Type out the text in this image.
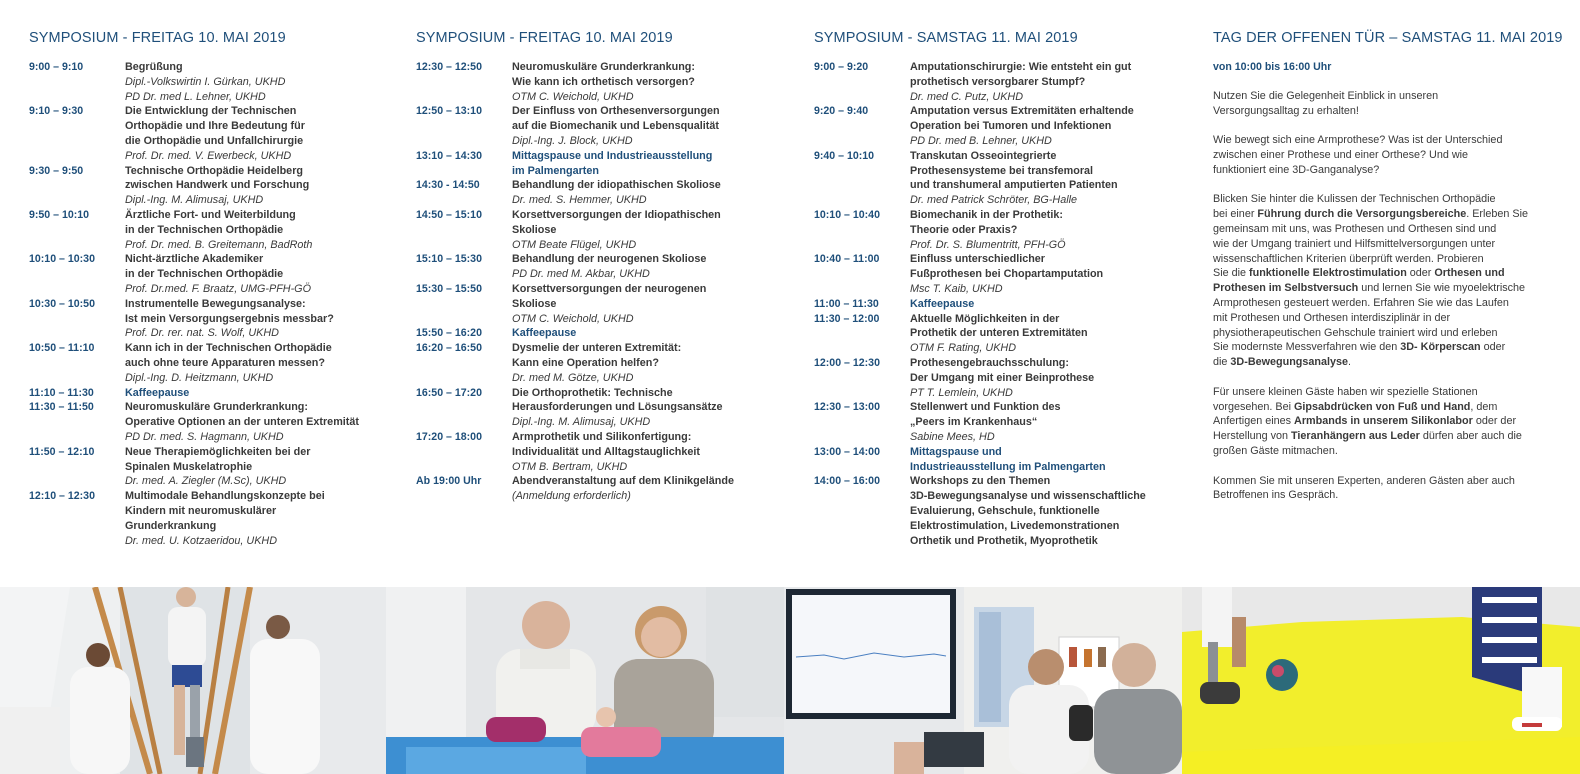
SYMPOSIUM - FREITAG 10. MAI 2019
9:00 – 9:10	Begrüßung
Dipl.-Volkswirtin I. Gürkan, UKHD
PD Dr. med L. Lehner, UKHD
9:10 – 9:30	Die Entwicklung der Technischen
Orthopädie und Ihre Bedeutung für
die Orthopädie und Unfallchirurgie
Prof. Dr. med. V. Ewerbeck, UKHD
9:30 – 9:50	Technische Orthopädie Heidelberg
zwischen Handwerk und Forschung
Dipl.-Ing. M. Alimusaj, UKHD
9:50 – 10:10	Ärztliche Fort- und Weiterbildung
in der Technischen Orthopädie
Prof. Dr. med. B. Greitemann, BadRoth
10:10 – 10:30	Nicht-ärztliche Akademiker
in der Technischen Orthopädie
Prof. Dr.med. F. Braatz, UMG-PFH-GÖ
10:30 – 10:50	Instrumentelle Bewegungsanalyse:
Ist mein Versorgungsergebnis messbar?
Prof. Dr. rer. nat. S. Wolf, UKHD
10:50 – 11:10	Kann ich in der Technischen Orthopädie
auch ohne teure Apparaturen messen?
Dipl.-Ing. D. Heitzmann, UKHD
11:10 – 11:30	Kaffeepause
11:30 – 11:50	Neuromuskuläre Grunderkrankung:
Operative Optionen an der unteren Extremität
PD Dr. med. S. Hagmann, UKHD
11:50 – 12:10	Neue Therapiemöglichkeiten bei der
Spinalen Muskelatrophie
Dr. med. A. Ziegler (M.Sc), UKHD
12:10 – 12:30	Multimodale Behandlungskonzepte bei
Kindern mit neuromuskulärer
Grunderkrankung
Dr. med. U. Kotzaeridou, UKHD
SYMPOSIUM - FREITAG 10. MAI 2019
12:30 – 12:50	Neuromuskuläre Grunderkrankung:
Wie kann ich orthetisch versorgen?
OTM C. Weichold, UKHD
12:50 – 13:10	Der Einfluss von Orthesenversorgungen
auf die Biomechanik und Lebensqualität
Dipl.-Ing. J. Block, UKHD
13:10 – 14:30	Mittagspause und Industrieausstellung
im Palmengarten
14:30 - 14:50	Behandlung der idiopathischen Skoliose
Dr. med. S. Hemmer, UKHD
14:50 – 15:10	Korsettversorgungen der Idiopathischen
Skoliose
OTM Beate Flügel, UKHD
15:10 – 15:30	Behandlung der neurogenen Skoliose
PD Dr. med M. Akbar, UKHD
15:30 – 15:50	Korsettversorgungen der neurogenen
Skoliose
OTM C. Weichold, UKHD
15:50 – 16:20	Kaffeepause
16:20 – 16:50	Dysmelie der unteren Extremität:
Kann eine Operation helfen?
Dr. med M. Götze, UKHD
16:50 – 17:20	Die Orthoprothetik: Technische
Herausforderungen und Lösungsansätze
Dipl.-Ing. M. Alimusaj, UKHD
17:20 – 18:00	Armprothetik und Silikonfertigung:
Individualität und Alltagstauglichkeit
OTM B. Bertram, UKHD
Ab 19:00 Uhr	Abendveranstaltung auf dem Klinikgelände
(Anmeldung erforderlich)
SYMPOSIUM - SAMSTAG 11. MAI 2019
9:00 – 9:20	Amputationschirurgie: Wie entsteht ein gut
prothetisch versorgbarer Stumpf?
Dr. med C. Putz, UKHD
9:20 – 9:40	Amputation versus Extremitäten erhaltende
Operation bei Tumoren und Infektionen
PD Dr. med B. Lehner, UKHD
9:40 – 10:10	Transkutan Osseointegrierte
Prothesensysteme bei transfemoral
und transhumeral amputierten Patienten
Dr. med Patrick Schröter, BG-Halle
10:10 – 10:40	Biomechanik in der Prothetik:
Theorie oder Praxis?
Prof. Dr. S. Blumentritt, PFH-GÖ
10:40 – 11:00	Einfluss unterschiedlicher
Fußprothesen bei Chopartamputation
Msc T. Kaib, UKHD
11:00 – 11:30	Kaffeepause
11:30 – 12:00	Aktuelle Möglichkeiten in der
Prothetik der unteren Extremitäten
OTM F. Rating, UKHD
12:00 – 12:30	Prothesengebrauchsschulung:
Der Umgang mit einer Beinprothese
PT T. Lemlein, UKHD
12:30 – 13:00	Stellenwert und Funktion des
„Peers im Krankenhaus“
Sabine Mees, HD
13:00 – 14:00	Mittagspause und
Industrieausstellung im Palmengarten
14:00 – 16:00	Workshops zu den Themen
3D-Bewegungsanalyse und wissenschaftliche
Evaluierung, Gehschule, funktionelle
Elektrostimulation, Livedemonstrationen
Orthetik und Prothetik, Myoprothetik
TAG DER OFFENEN TÜR – SAMSTAG 11. MAI 2019
von 10:00 bis 16:00 Uhr
Nutzen Sie die Gelegenheit Einblick in unseren
Versorgungsalltag zu erhalten!
Wie bewegt sich eine Armprothese? Was ist der Unterschied
zwischen einer Prothese und einer Orthese? Und wie
funktioniert eine 3D-Ganganalyse?
Blicken Sie hinter die Kulissen der Technischen Orthopädie
bei einer Führung durch die Versorgungsbereiche. Erleben Sie
gemeinsam mit uns, was Prothesen und Orthesen sind und
wie der Umgang trainiert und Hilfsmittelversorgungen unter
wissenschaftlichen Kriterien überprüft werden. Probieren
Sie die funktionelle Elektrostimulation oder Orthesen und
Prothesen im Selbstversuch und lernen Sie wie myoelektrische
Armprothesen gesteuert werden. Erfahren Sie wie das Laufen
mit Prothesen und Orthesen interdisziplinär in der
physiotherapeutischen Gehschule trainiert wird und erleben
Sie modernste Messverfahren wie den 3D- Körperscan oder
die 3D-Bewegungsanalyse.
Für unsere kleinen Gäste haben wir spezielle Stationen
vorgesehen. Bei Gipsabdrücken von Fuß und Hand, dem
Anfertigen eines Armbands in unserem Silikonlabor oder der
Herstellung von Tieranhängern aus Leder dürfen aber auch die
großen Gäste mitmachen.
Kommen Sie mit unseren Experten, anderen Gästen aber auch
Betroffenen ins Gespräch.
